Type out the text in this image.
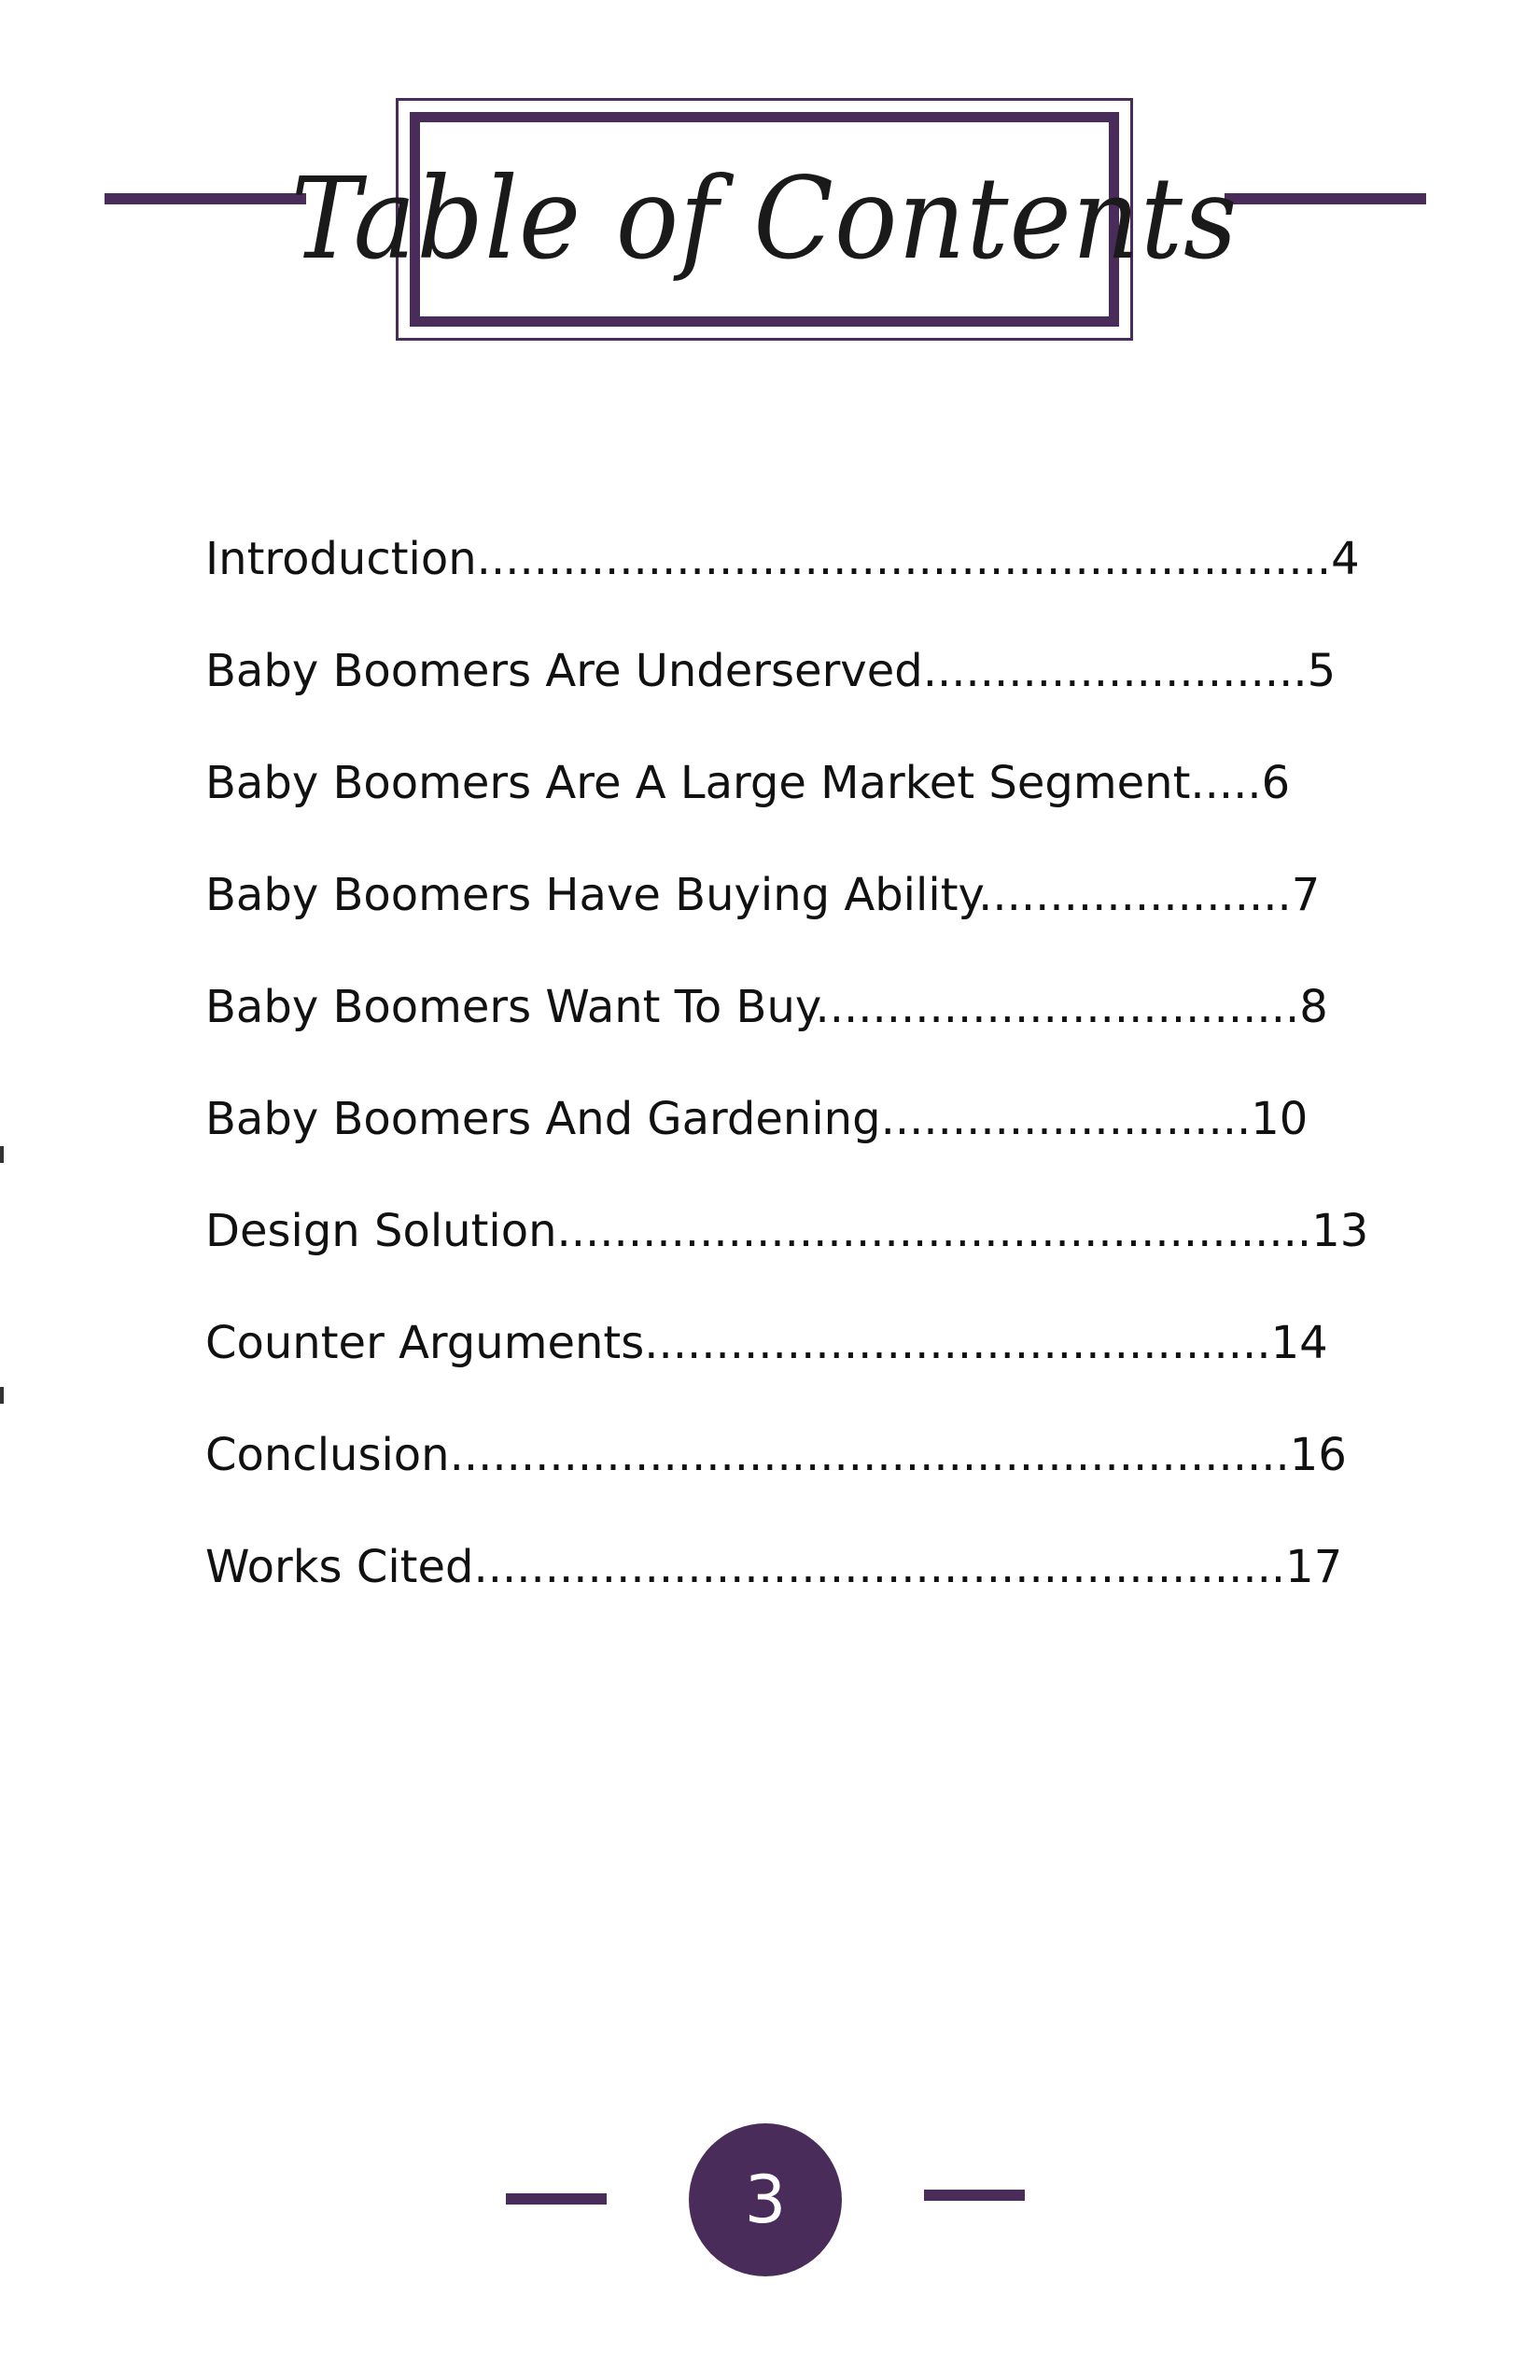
Table of Contents
Introduction............................................................4
Baby Boomers Are Underserved...........................5
Baby Boomers Are A Large Market Segment.....6
Baby Boomers Have Buying Ability......................7
Baby Boomers Want To Buy..................................8
Baby Boomers And Gardening..........................10
Design Solution.....................................................13
Counter Arguments............................................14
Conclusion...........................................................16
Works Cited.........................................................17
3
